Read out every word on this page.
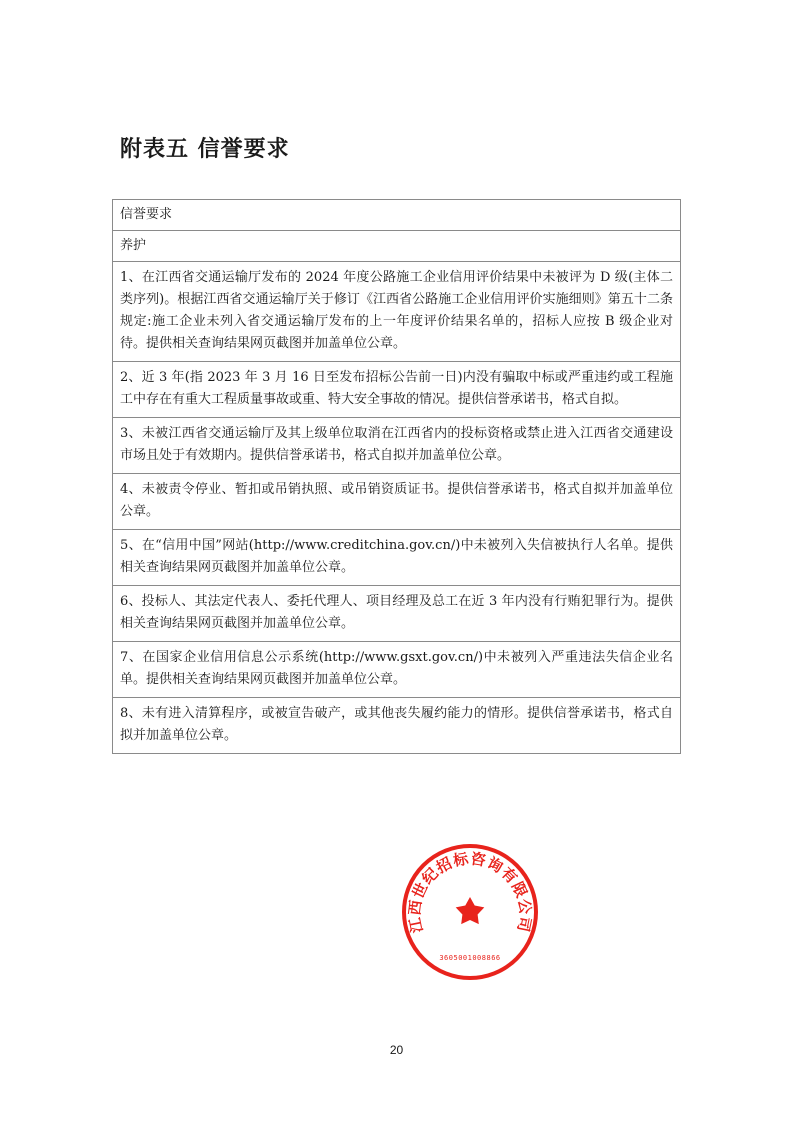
附表五 信誉要求
信誉要求
养护
1、在江西省交通运输厅发布的 2024 年度公路施工企业信用评价结果中未被评为 D 级(主体二类序列)。根据江西省交通运输厅关于修订《江西省公路施工企业信用评价实施细则》第五十二条规定:施工企业未列入省交通运输厅发布的上一年度评价结果名单的，招标人应按 B 级企业对待。提供相关查询结果网页截图并加盖单位公章。
2、近 3 年(指 2023 年 3 月 16 日至发布招标公告前一日)内没有骗取中标或严重违约或工程施工中存在有重大工程质量事故或重、特大安全事故的情况。提供信誉承诺书，格式自拟。
3、未被江西省交通运输厅及其上级单位取消在江西省内的投标资格或禁止进入江西省交通建设市场且处于有效期内。提供信誉承诺书，格式自拟并加盖单位公章。
4、未被责令停业、暂扣或吊销执照、或吊销资质证书。提供信誉承诺书，格式自拟并加盖单位公章。
5、在“信用中国”网站(http://www.creditchina.gov.cn/)中未被列入失信被执行人名单。提供相关查询结果网页截图并加盖单位公章。
6、投标人、其法定代表人、委托代理人、项目经理及总工在近 3 年内没有行贿犯罪行为。提供相关查询结果网页截图并加盖单位公章。
7、在国家企业信用信息公示系统(http://www.gsxt.gov.cn/)中未被列入严重违法失信企业名单。提供相关查询结果网页截图并加盖单位公章。
8、未有进入清算程序，或被宣告破产，或其他丧失履约能力的情形。提供信誉承诺书，格式自拟并加盖单位公章。
江西世纪招标咨询有限公司
3605001008866
20
